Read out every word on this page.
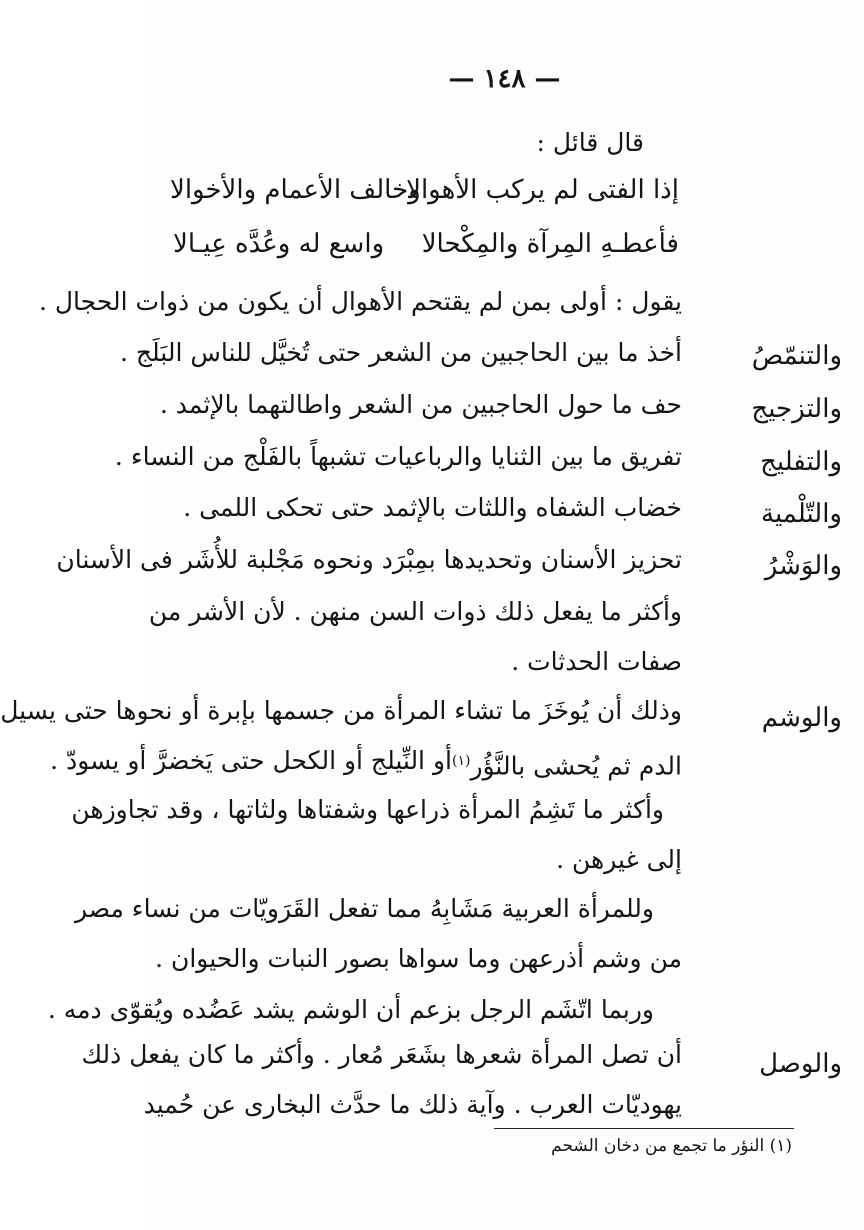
— ١٤٨ —
قال قائل :
إذا الفتى لم يركب الأهوالا
وخالف الأعمام والأخوالا
فأعطـهِ المِرآة والمِكْحالا
واسع له وعُدَّه عِيـالا
يقول : أولى بمن لم يقتحم الأهوال أن يكون من ذوات الحجال .
والتنمّصُ
أخذ ما بين الحاجبين من الشعر حتى تُخيَّل للناس البَلَج .
والتزجيج
حف ما حول الحاجبين من الشعر واطالتهما بالإثمد .
والتفليج
تفريق ما بين الثنايا والرباعيات تشبهاً بالفَلْج من النساء .
والتّلْمية
خضاب الشفاه واللثات بالإثمد حتى تحكى اللمى .
والوَشْرُ
تحزيز الأسنان وتحديدها بمِبْرَد ونحوه مَجْلبة للأُشَر فى الأسنان
وأكثر ما يفعل ذلك ذوات السن منهن . لأن الأشر من
صفات الحدثات .
والوشم
وذلك أن يُوخَزَ ما تشاء المرأة من جسمها بإبرة أو نحوها حتى يسيل
الدم ثم يُحشى بالنَّؤُر$^{(١)}$
أو النِّيلج أو الكحل حتى يَخضرَّ أو يسودّ .
وأكثر ما تَشِمُ المرأة ذراعها وشفتاها ولثاتها ، وقد تجاوزهن
إلى غيرهن .
وللمرأة العربية مَشَابِهُ مما تفعل القَرَويّات من نساء مصر
من وشم أذرعهن وما سواها بصور النبات والحيوان .
وربما اتّشَم الرجل بزعم أن الوشم يشد عَضُده ويُقوّى دمه .
والوصل
أن تصل المرأة شعرها بشَعَر مُعار . وأكثر ما كان يفعل ذلك
يهوديّات العرب . وآية ذلك ما حدَّث البخارى عن حُميد
(١) النؤر ما تجمع من دخان الشحم
